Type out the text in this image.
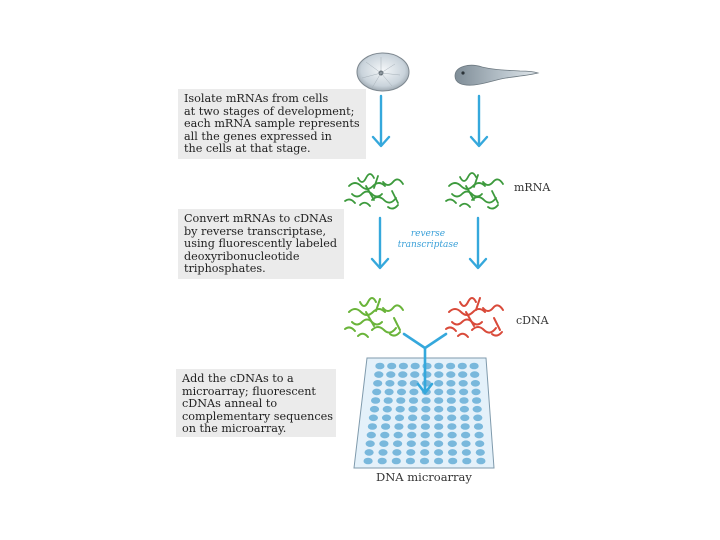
Isolate mRNAs from cells
at two stages of development;
each mRNA sample represents
all the genes expressed in
the cells at that stage.
Convert mRNAs to cDNAs
by reverse transcriptase,
using fluorescently labeled
deoxyribonucleotide
triphosphates.
Add the cDNAs to a
microarray; fluorescent
cDNAs anneal to
complementary sequences
on the microarray.
mRNA
cDNA
reverse
transcriptase
DNA microarray
